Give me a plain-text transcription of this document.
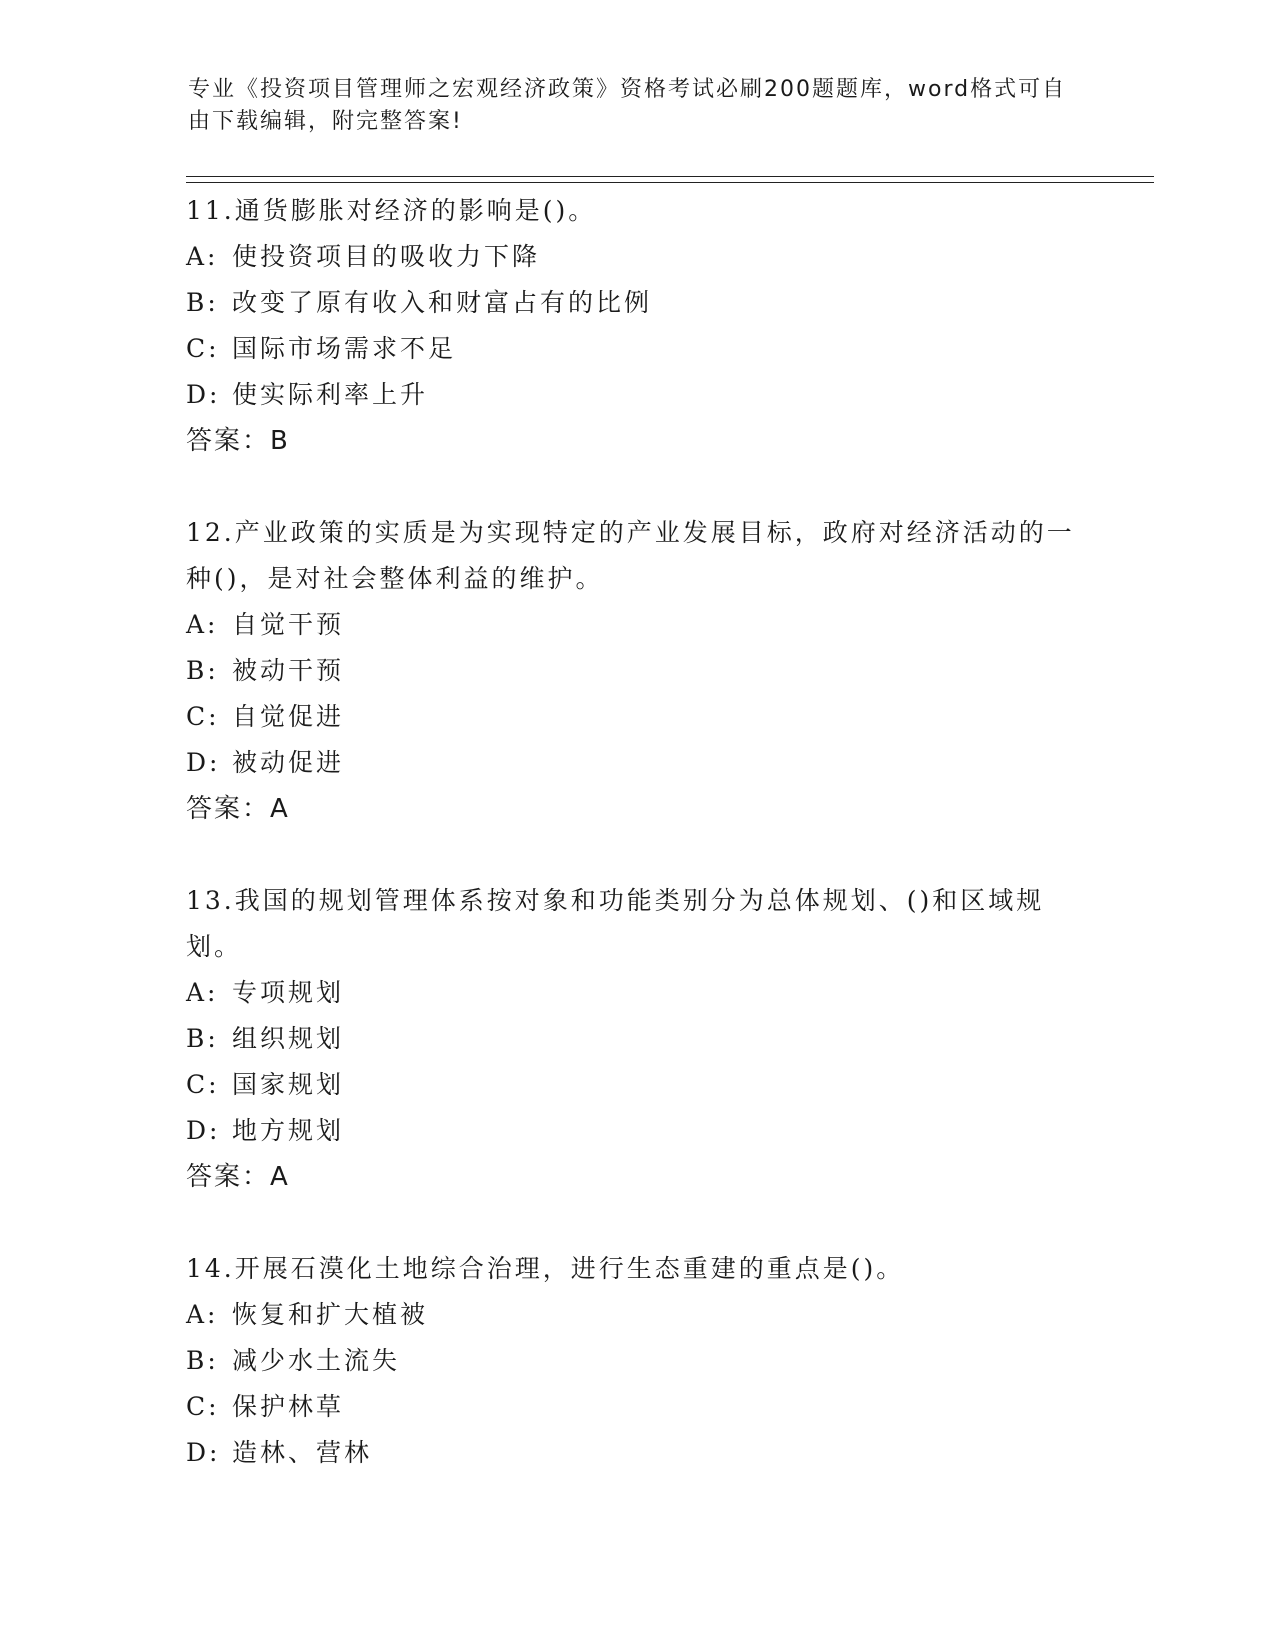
专业《投资项目管理师之宏观经济政策》资格考试必刷200题题库，word格式可自由下载编辑，附完整答案!

11.通货膨胀对经济的影响是()。

A: 使投资项目的吸收力下降

B: 改变了原有收入和财富占有的比例

C: 国际市场需求不足

D: 使实际利率上升

答案：B

12.产业政策的实质是为实现特定的产业发展目标，政府对经济活动的一种()，是对社会整体利益的维护。

A: 自觉干预

B: 被动干预

C: 自觉促进

D: 被动促进

答案：A

13.我国的规划管理体系按对象和功能类别分为总体规划、()和区域规划。

A: 专项规划

B: 组织规划

C: 国家规划

D: 地方规划

答案：A

14.开展石漠化土地综合治理，进行生态重建的重点是()。

A: 恢复和扩大植被

B: 减少水土流失

C: 保护林草

D: 造林、营林
